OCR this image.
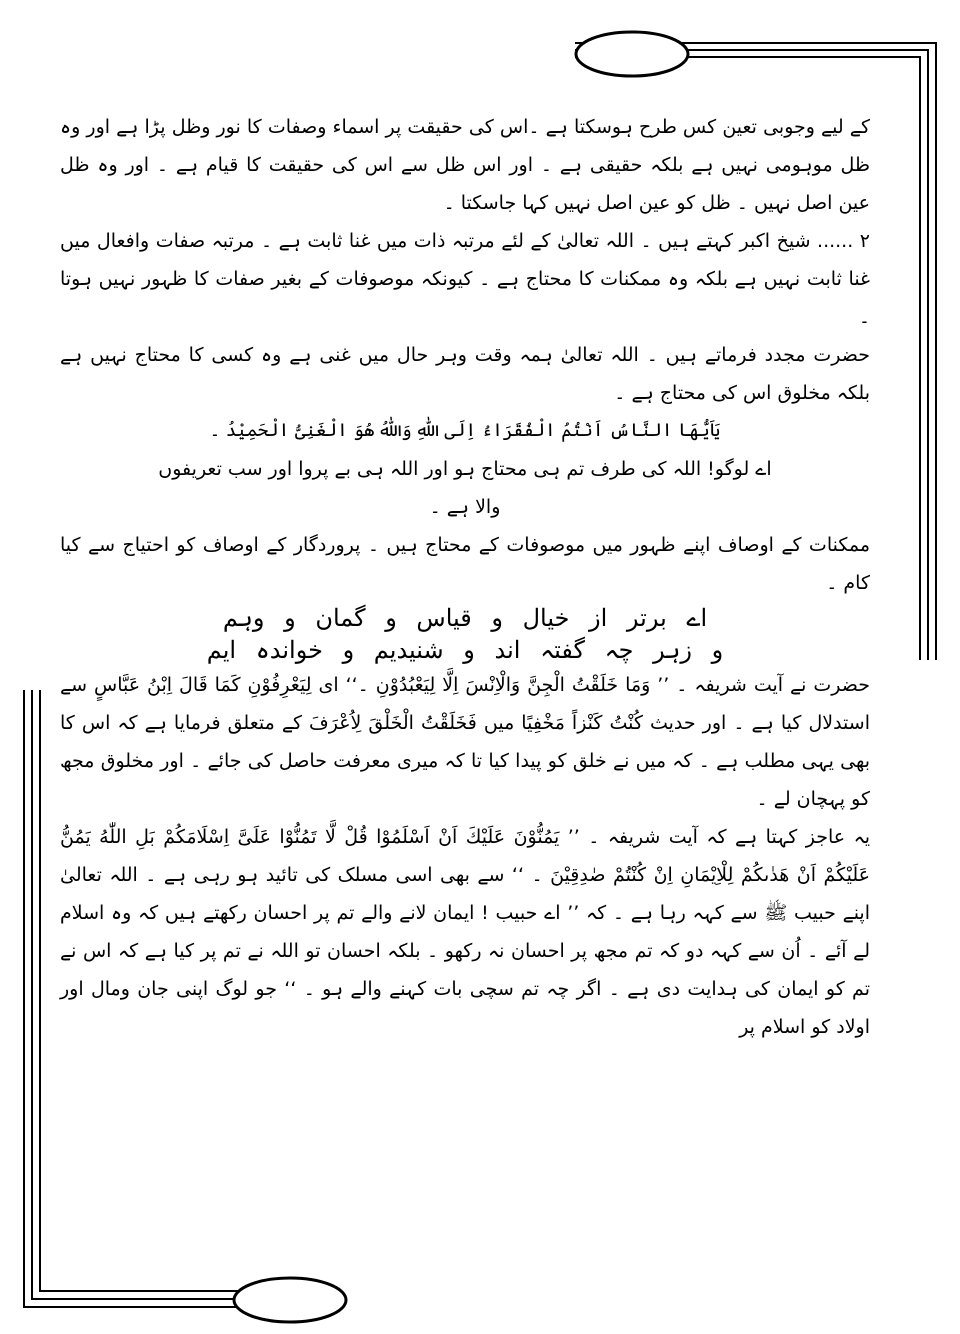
کے لیے وجوبی تعین کس طرح ہوسکتا ہے ۔اس کی حقیقت پر اسماء وصفات کا نور وظل پڑا ہے اور وہ ظل موہومی نہیں ہے بلکہ حقیقی ہے ۔ اور اس ظل سے اس کی حقیقت کا قیام ہے ۔ اور وہ ظل عین اصل نہیں ۔ ظل کو عین اصل نہیں کہا جاسکتا ۔

۲ ...... شیخ اکبر کہتے ہیں ۔ اللہ تعالیٰ کے لئے مرتبہ ذات میں غنا ثابت ہے ۔ مرتبہ صفات وافعال میں غنا ثابت نہیں ہے بلکہ وہ ممکنات کا محتاج ہے ۔ کیونکہ موصوفات کے بغیر صفات کا ظہور نہیں ہوتا ۔

حضرت مجدد فرماتے ہیں ۔ اللہ تعالیٰ ہمہ وقت وہر حال میں غنی ہے وہ کسی کا محتاج نہیں ہے بلکہ مخلوق اس کی محتاج ہے ۔

یَاَیُّهَا النَّاسُ اَنْتُمُ الْفُقَرَاءُ اِلَی اللّٰهِ وَاللّٰهُ هُوَ الْغَنِیُّ الْحَمِیْدُ ۔

اے لوگو! اللہ کی طرف تم ہی محتاج ہو اور اللہ ہی بے پروا اور سب تعریفوں

والا ہے ۔

ممکنات کے اوصاف اپنے ظہور میں موصوفات کے محتاج ہیں ۔ پروردگار کے اوصاف کو احتیاج سے کیا کام ۔

اے برتر از خیال و قیاس و گمان و وہم

و زہر چہ گفتہ اند و شنیدیم و خواندہ ایم

حضرت نے آیت شریفہ ۔ ’’ وَمَا خَلَقْتُ الْجِنَّ وَالْاِنْسَ اِلَّا لِیَعْبُدُوْنِ ۔‘‘ ای لِیَعْرِفُوْنِ کَمَا قَالَ اِبْنُ عَبَّاسٍ سے استدلال کیا ہے ۔ اور حدیث کُنْتُ کَنْزاً مَخْفِیًا میں فَخَلَقْتُ الْخَلْقَ لِاُعْرَفَ کے متعلق فرمایا ہے کہ اس کا بھی یہی مطلب ہے ۔ کہ میں نے خلق کو پیدا کیا تا کہ میری معرفت حاصل کی جائے ۔ اور مخلوق مجھ کو پہچان لے ۔

یہ عاجز کہتا ہے کہ آیت شریفہ ۔ ’’ یَمُنُّوْنَ عَلَیْكَ اَنْ اَسْلَمُوْا قُلْ لَّا تَمُنُّوْا عَلَیَّ اِسْلَامَكُمْ بَلِ اللّٰهُ یَمُنُّ عَلَیْكُمْ اَنْ هَدٰىكُمْ لِلْاِیْمَانِ اِنْ كُنْتُمْ صٰدِقِیْنَ ۔ ‘‘ سے بھی اسی مسلک کی تائید ہو رہی ہے ۔ اللہ تعالیٰ اپنے حبیب ﷺ سے کہہ رہا ہے ۔ کہ ’’ اے حبیب ! ایمان لانے والے تم پر احسان رکھتے ہیں کہ وہ اسلام لے آئے ۔ اُن سے کہہ دو کہ تم مجھ پر احسان نہ رکھو ۔ بلکہ احسان تو اللہ نے تم پر کیا ہے کہ اس نے تم کو ایمان کی ہدایت دی ہے ۔ اگر چہ تم سچی بات کہنے والے ہو ۔ ‘‘ جو لوگ اپنی جان ومال اور اولاد کو اسلام پر
